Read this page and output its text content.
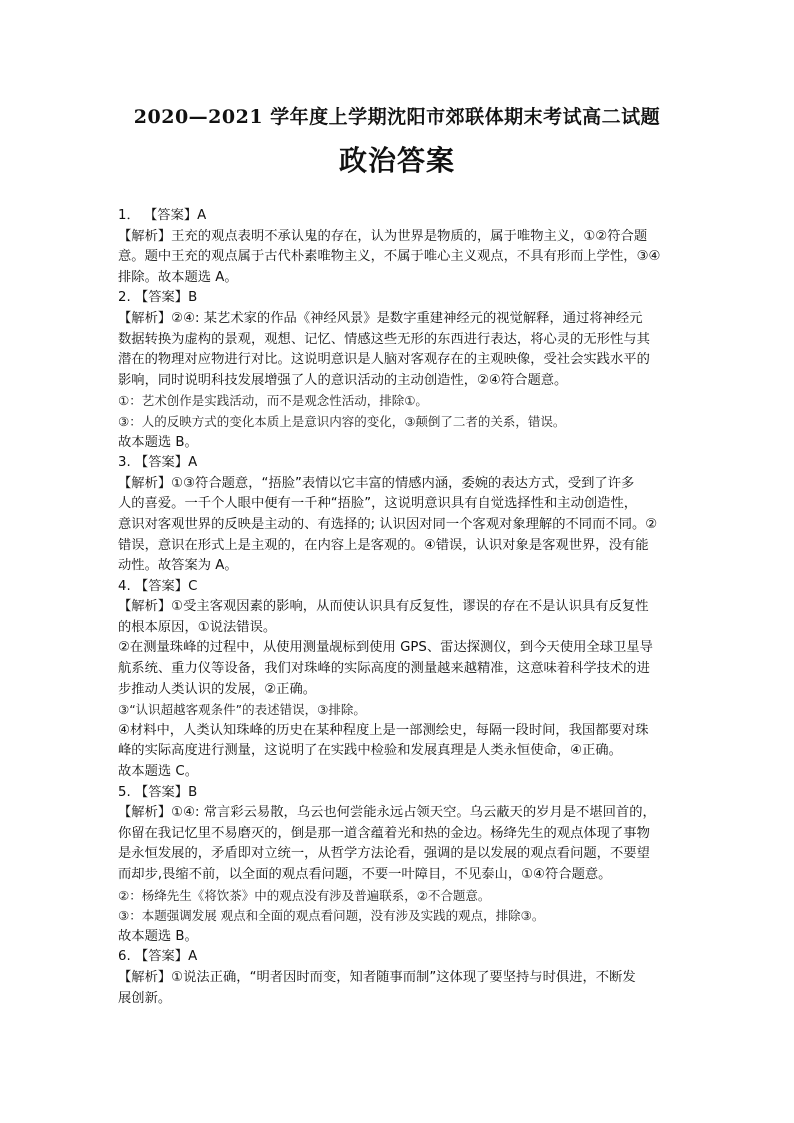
2020—2021 学年度上学期沈阳市郊联体期末考试高二试题
政治答案
1． 【答案】A
【解析】王充的观点表明不承认鬼的存在，认为世界是物质的，属于唯物主义，①②符合题
意。题中王充的观点属于古代朴素唯物主义，不属于唯心主义观点，不具有形而上学性，③④
排除。故本题选 A。
2. 【答案】B
【解析】②④: 某艺术家的作品《神经风景》是数字重建神经元的视觉解释，通过将神经元
数据转换为虚构的景观，观想、记忆、情感这些无形的东西进行表达，将心灵的无形性与其
潜在的物理对应物进行对比。这说明意识是人脑对客观存在的主观映像，受社会实践水平的
影响，同时说明科技发展增强了人的意识活动的主动创造性，②④符合题意。
①：艺术创作是实践活动，而不是观念性活动，排除①。
③：人的反映方式的变化本质上是意识内容的变化，③颠倒了二者的关系，错误。
故本题选 B。
3. 【答案】A
【解析】①③符合题意，“捂脸”表情以它丰富的情感内涵，委婉的表达方式，受到了许多
人的喜爱。一千个人眼中便有一千种“捂脸”，这说明意识具有自觉选择性和主动创造性，
意识对客观世界的反映是主动的、有选择的; 认识因对同一个客观对象理解的不同而不同。②
错误，意识在形式上是主观的，在内容上是客观的。④错误，认识对象是客观世界，没有能
动性。故答案为 A。
4. 【答案】C
【解析】①受主客观因素的影响，从而使认识具有反复性，谬误的存在不是认识具有反复性
的根本原因，①说法错误。
②在测量珠峰的过程中，从使用测量觇标到使用 GPS、雷达探测仪，到今天使用全球卫星导
航系统、重力仪等设备，我们对珠峰的实际高度的测量越来越精准，这意味着科学技术的进
步推动人类认识的发展，②正确。
③“认识超越客观条件”的表述错误，③排除。
④材料中，人类认知珠峰的历史在某种程度上是一部测绘史，每隔一段时间，我国都要对珠
峰的实际高度进行测量，这说明了在实践中检验和发展真理是人类永恒使命，④正确。
故本题选 C。
5. 【答案】B
【解析】①④: 常言彩云易散，乌云也何尝能永远占领天空。乌云蔽天的岁月是不堪回首的，
你留在我记忆里不易磨灭的，倒是那一道含蕴着光和热的金边。杨绛先生的观点体现了事物
是永恒发展的，矛盾即对立统一，从哲学方法论看，强调的是以发展的观点看问题，不要望
而却步,畏缩不前，以全面的观点看问题，不要一叶障目，不见泰山，①④符合题意。
②：杨绛先生《将饮茶》中的观点没有涉及普遍联系，②不合题意。
③：本题强调发展 观点和全面的观点看问题，没有涉及实践的观点，排除③。
故本题选 B。
6. 【答案】A
【解析】①说法正确，“明者因时而变，知者随事而制”这体现了要坚持与时俱进，不断发
展创新。
